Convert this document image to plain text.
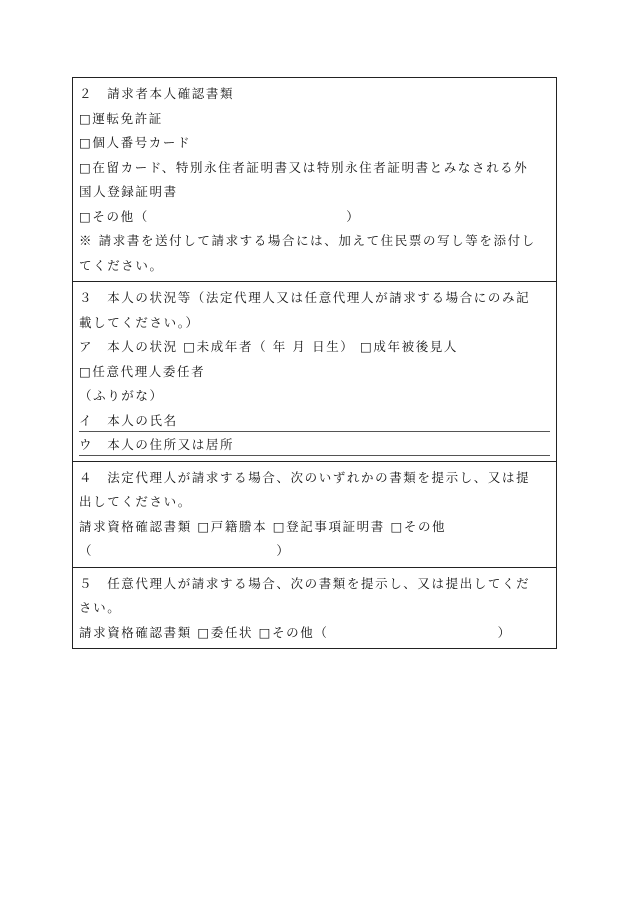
２　請求者本人確認書類
□運転免許証
□個人番号カード
□在留カード、特別永住者証明書又は特別永住者証明書とみなされる外
国人登録証明書
□その他（　　　　　　　　　　　　　　）
※ 請求書を送付して請求する場合には、加えて住民票の写し等を添付し
てください。
３　本人の状況等（法定代理人又は任意代理人が請求する場合にのみ記
載してください。）
ア　本人の状況 □未成年者（ 年 月 日生） □成年被後見人
□任意代理人委任者
（ふりがな）
イ　本人の氏名
ウ　本人の住所又は居所
４　法定代理人が請求する場合、次のいずれかの書類を提示し、又は提
出してください。
請求資格確認書類 □戸籍謄本 □登記事項証明書 □その他
（　　　　　　　　　　　　　）
５　任意代理人が請求する場合、次の書類を提示し、又は提出してくだ
さい。
請求資格確認書類 □委任状 □その他（　　　　　　　　　　　　）
